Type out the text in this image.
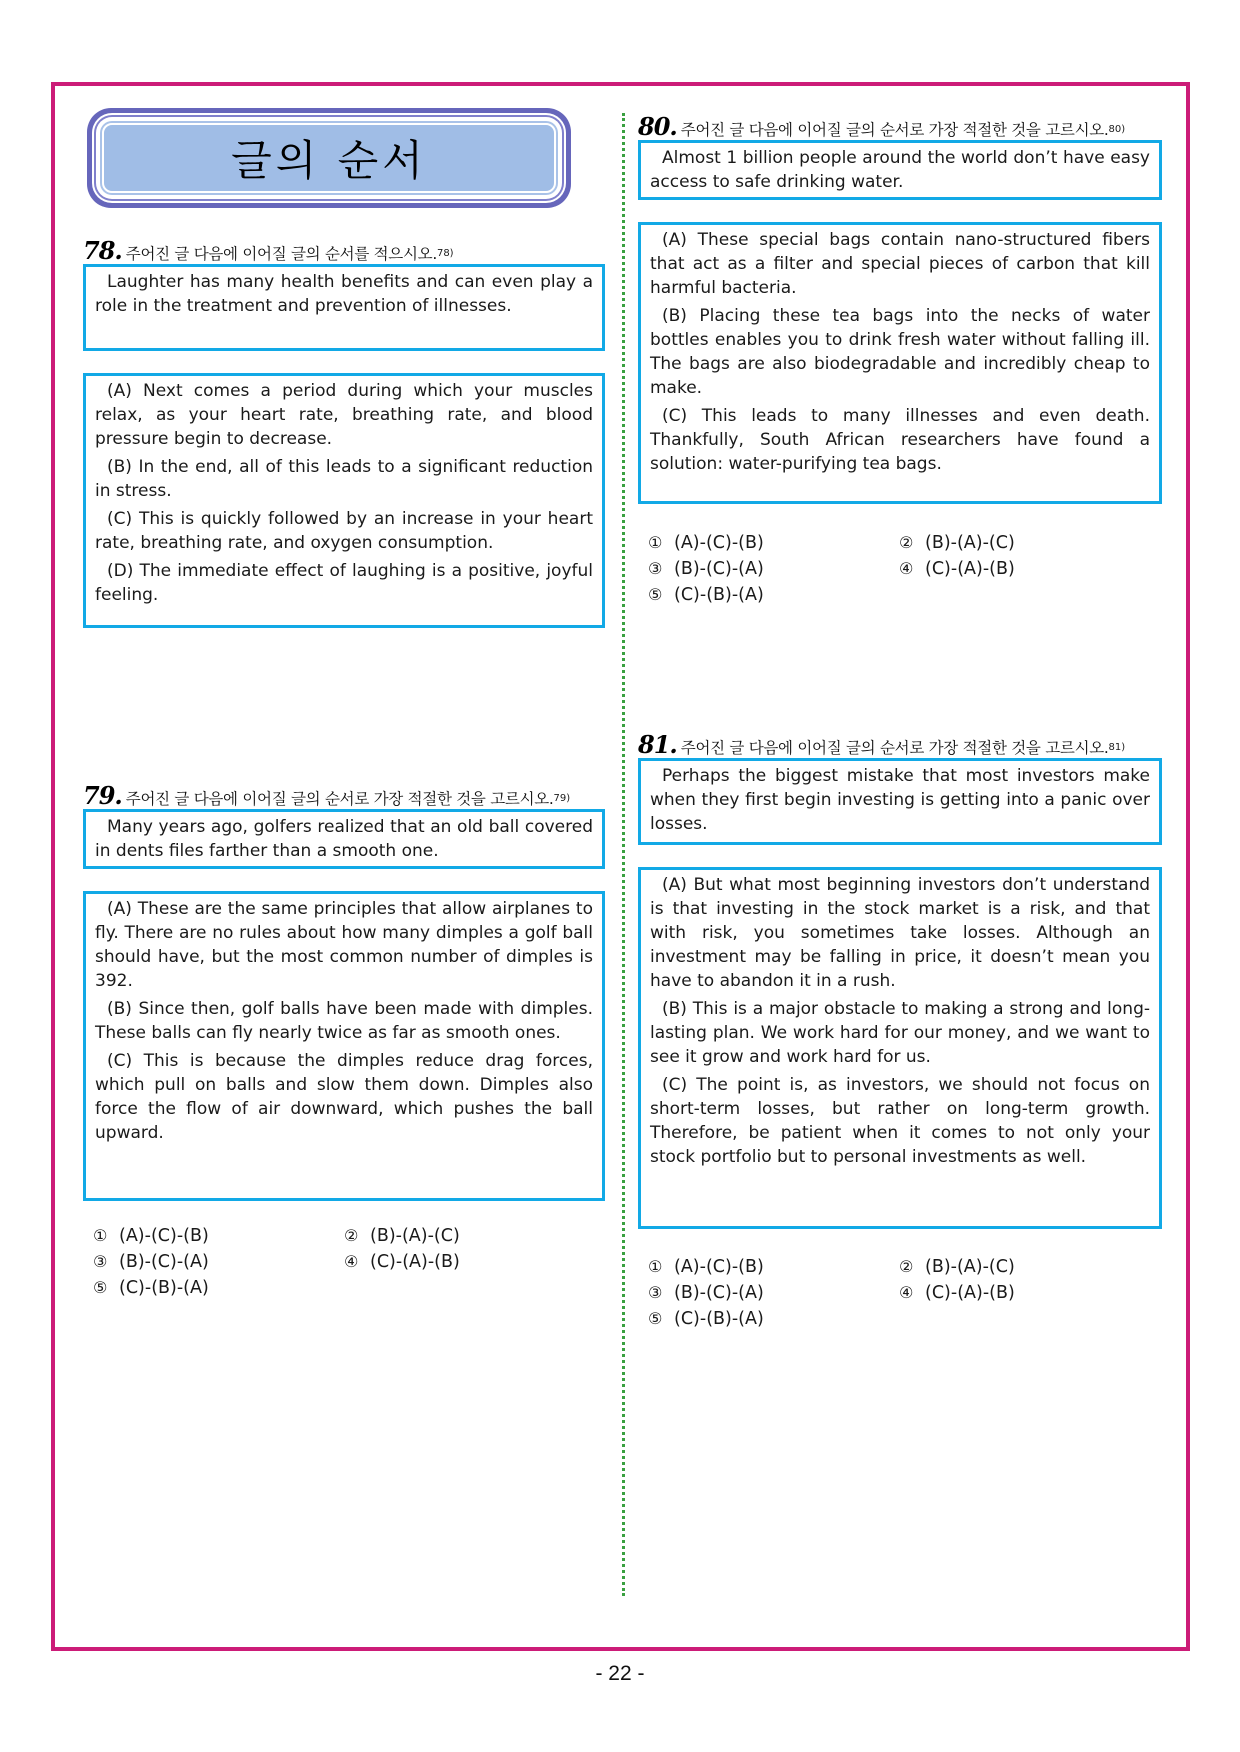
글의 순서
78. 주어진 글 다음에 이어질 글의 순서를 적으시오. 78)

Laughter has many health benefits and can even play a role in the treatment and prevention of illnesses.

(A) Next comes a period during which your muscles relax, as your heart rate, breathing rate, and blood pressure begin to decrease.

(B) In the end, all of this leads to a significant reduction in stress.

(C) This is quickly followed by an increase in your heart rate, breathing rate, and oxygen consumption.

(D) The immediate effect of laughing is a positive, joyful feeling.

79. 주어진 글 다음에 이어질 글의 순서로 가장 적절한 것을 고르시오. 79)

Many years ago, golfers realized that an old ball covered in dents files farther than a smooth one.

(A) These are the same principles that allow airplanes to fly. There are no rules about how many dimples a golf ball should have, but the most common number of dimples is 392.

(B) Since then, golf balls have been made with dimples. These balls can fly nearly twice as far as smooth ones.

(C) This is because the dimples reduce drag forces, which pull on balls and slow them down. Dimples also force the flow of air downward, which pushes the ball upward.

① (A)-(C)-(B)	② (B)-(A)-(C)
③ (B)-(C)-(A)	④ (C)-(A)-(B)
⑤ (C)-(B)-(A)
80. 주어진 글 다음에 이어질 글의 순서로 가장 적절한 것을 고르시오. 80)

Almost 1 billion people around the world don’t have easy access to safe drinking water.

(A) These special bags contain nano-structured fibers that act as a filter and special pieces of carbon that kill harmful bacteria.

(B) Placing these tea bags into the necks of water bottles enables you to drink fresh water without falling ill. The bags are also biodegradable and incredibly cheap to make.

(C) This leads to many illnesses and even death. Thankfully, South African researchers have found a solution: water-purifying tea bags.

① (A)-(C)-(B)	② (B)-(A)-(C)
③ (B)-(C)-(A)	④ (C)-(A)-(B)
⑤ (C)-(B)-(A)
81. 주어진 글 다음에 이어질 글의 순서로 가장 적절한 것을 고르시오. 81)

Perhaps the biggest mistake that most investors make when they first begin investing is getting into a panic over losses.

(A) But what most beginning investors don’t understand is that investing in the stock market is a risk, and that with risk, you sometimes take losses. Although an investment may be falling in price, it doesn’t mean you have to abandon it in a rush.

(B) This is a major obstacle to making a strong and long-lasting plan. We work hard for our money, and we want to see it grow and work hard for us.

(C) The point is, as investors, we should not focus on short-term losses, but rather on long-term growth. Therefore, be patient when it comes to not only your stock portfolio but to personal investments as well.

① (A)-(C)-(B)	② (B)-(A)-(C)
③ (B)-(C)-(A)	④ (C)-(A)-(B)
⑤ (C)-(B)-(A)
- 22 -
